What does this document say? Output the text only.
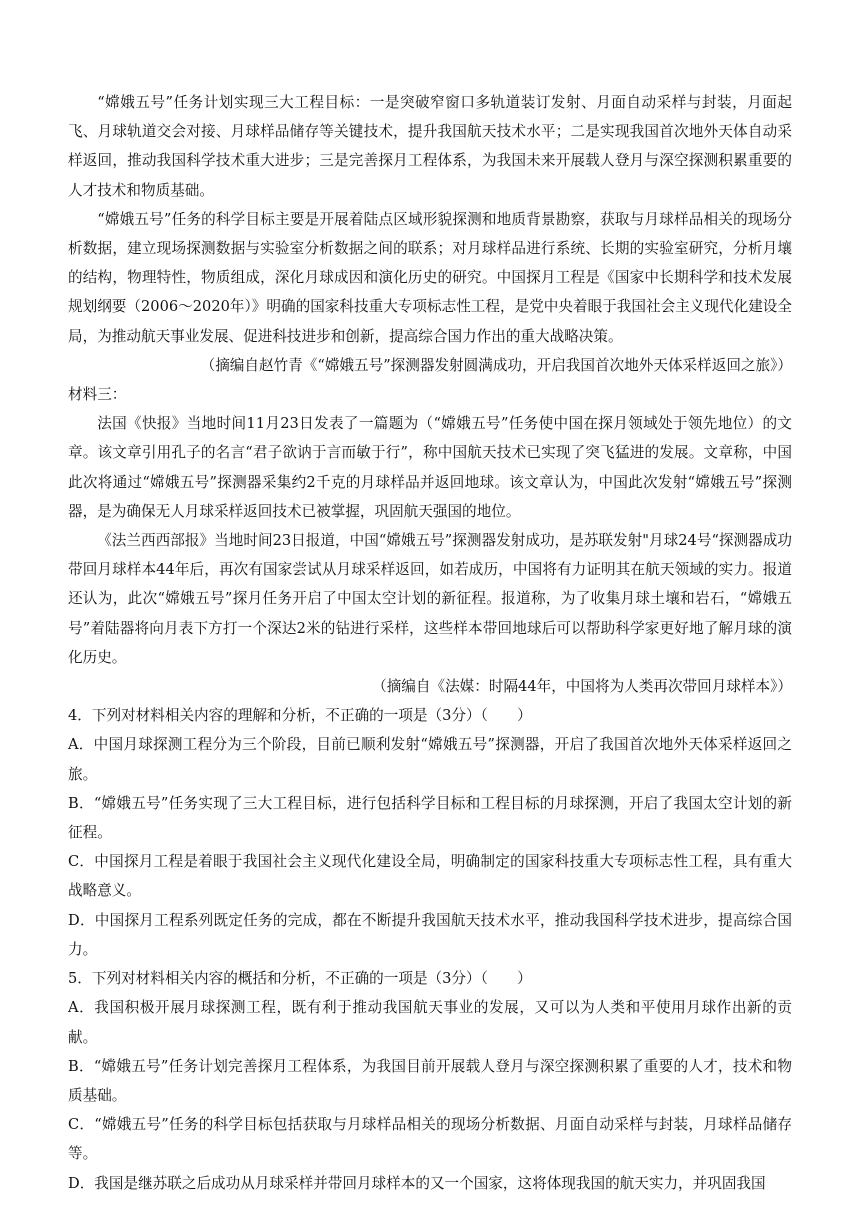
“嫦娥五号”任务计划实现三大工程目标：一是突破窄窗口多轨道装订发射、月面自动采样与封装，月面起飞、月球轨道交会对接、月球样品储存等关键技术，提升我国航天技术水平；二是实现我国首次地外天体自动采样返回，推动我国科学技术重大进步；三是完善探月工程体系，为我国未来开展载人登月与深空探测积累重要的人才技术和物质基础。

“嫦娥五号”任务的科学目标主要是开展着陆点区域形貌探测和地质背景勘察，获取与月球样品相关的现场分析数据，建立现场探测数据与实验室分析数据之间的联系；对月球样品进行系统、长期的实验室研究，分析月壤的结构，物理特性，物质组成，深化月球成因和演化历史的研究。中国探月工程是《国家中长期科学和技术发展规划纲要（2006～2020年）》明确的国家科技重大专项标志性工程，是党中央着眼于我国社会主义现代化建设全局，为推动航天事业发展、促进科技进步和创新，提高综合国力作出的重大战略决策。

（摘编自赵竹青《“嫦娥五号”探测器发射圆满成功，开启我国首次地外天体采样返回之旅》）

材料三：

法国《快报》当地时间11月23日发表了一篇题为（“嫦娥五号”任务使中国在探月领域处于领先地位）的文章。该文章引用孔子的名言“君子欲讷于言而敏于行”，称中国航天技术已实现了突飞猛进的发展。文章称，中国此次将通过“嫦娥五号”探测器采集约2千克的月球样品并返回地球。该文章认为，中国此次发射“嫦娥五号”探测器，是为确保无人月球采样返回技术已被掌握，巩固航天强国的地位。

《法兰西西部报》当地时间23日报道，中国“嫦娥五号”探测器发射成功，是苏联发射"月球24号“探测器成功带回月球样本44年后，再次有国家尝试从月球采样返回，如若成历，中国将有力证明其在航天领域的实力。报道还认为，此次“嫦娥五号”探月任务开启了中国太空计划的新征程。报道称，为了收集月球土壤和岩石，“嫦娥五号”着陆器将向月表下方打一个深达2米的钻进行采样，这些样本带回地球后可以帮助科学家更好地了解月球的演化历史。

（摘编自《法媒：时隔44年，中国将为人类再次带回月球样本》）

4．下列对材料相关内容的理解和分析，不正确的一项是（3分）（　　）

A．中国月球探测工程分为三个阶段，目前已顺利发射“嫦娥五号”探测器，开启了我国首次地外天体采样返回之旅。

B．“嫦娥五号”任务实现了三大工程目标，进行包括科学目标和工程目标的月球探测，开启了我国太空计划的新征程。

C．中国探月工程是着眼于我国社会主义现代化建设全局，明确制定的国家科技重大专项标志性工程，具有重大战略意义。

D．中国探月工程系列既定任务的完成，都在不断提升我国航天技术水平，推动我国科学技术进步，提高综合国力。

5．下列对材料相关内容的概括和分析，不正确的一项是（3分）（　　）

A．我国积极开展月球探测工程，既有利于推动我国航天事业的发展，又可以为人类和平使用月球作出新的贡献。

B．“嫦娥五号”任务计划完善探月工程体系，为我国目前开展载人登月与深空探测积累了重要的人才，技术和物质基础。

C．“嫦娥五号”任务的科学目标包括获取与月球样品相关的现场分析数据、月面自动采样与封装，月球样品储存等。

D．我国是继苏联之后成功从月球采样并带回月球样本的又一个国家，这将体现我国的航天实力，并巩固我国
